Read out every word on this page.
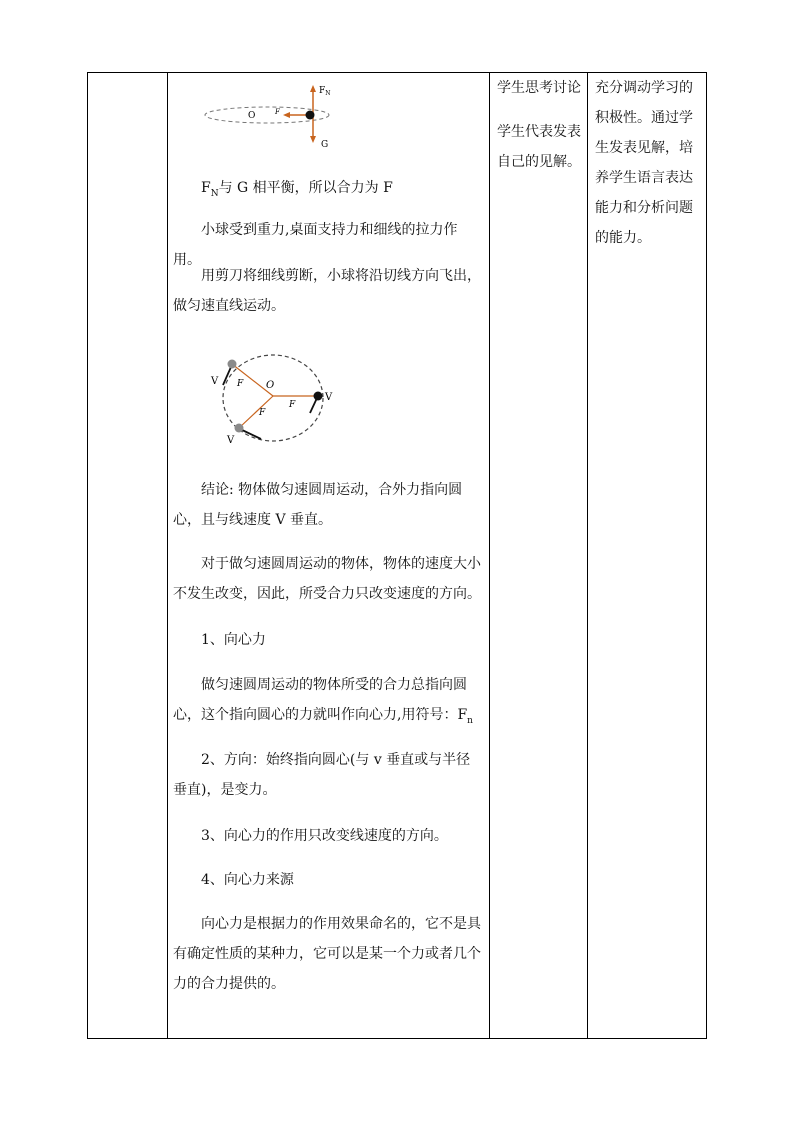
$F_N$
O	F
G

$F_N$与 G 相平衡，所以合力为 F

小球受到重力,桌面支持力和细线的拉力作用。

用剪刀将细线剪断，小球将沿切线方向飞出，做匀速直线运动。

O
F
F
F
V
V
V

结论: 物体做匀速圆周运动，合外力指向圆心，且与线速度 V 垂直。

对于做匀速圆周运动的物体，物体的速度大小不发生改变，因此，所受合力只改变速度的方向。

1、向心力

做匀速圆周运动的物体所受的合力总指向圆心，这个指向圆心的力就叫作向心力,用符号：$F_n$

2、方向：始终指向圆心(与 v 垂直或与半径垂直)，是变力。

3、向心力的作用只改变线速度的方向。

4、向心力来源

向心力是根据力的作用效果命名的，它不是具有确定性质的某种力，它可以是某一个力或者几个力的合力提供的。

学生思考讨论

学生代表发表自己的见解。

充分调动学习的积极性。通过学生发表见解，培养学生语言表达能力和分析问题的能力。
